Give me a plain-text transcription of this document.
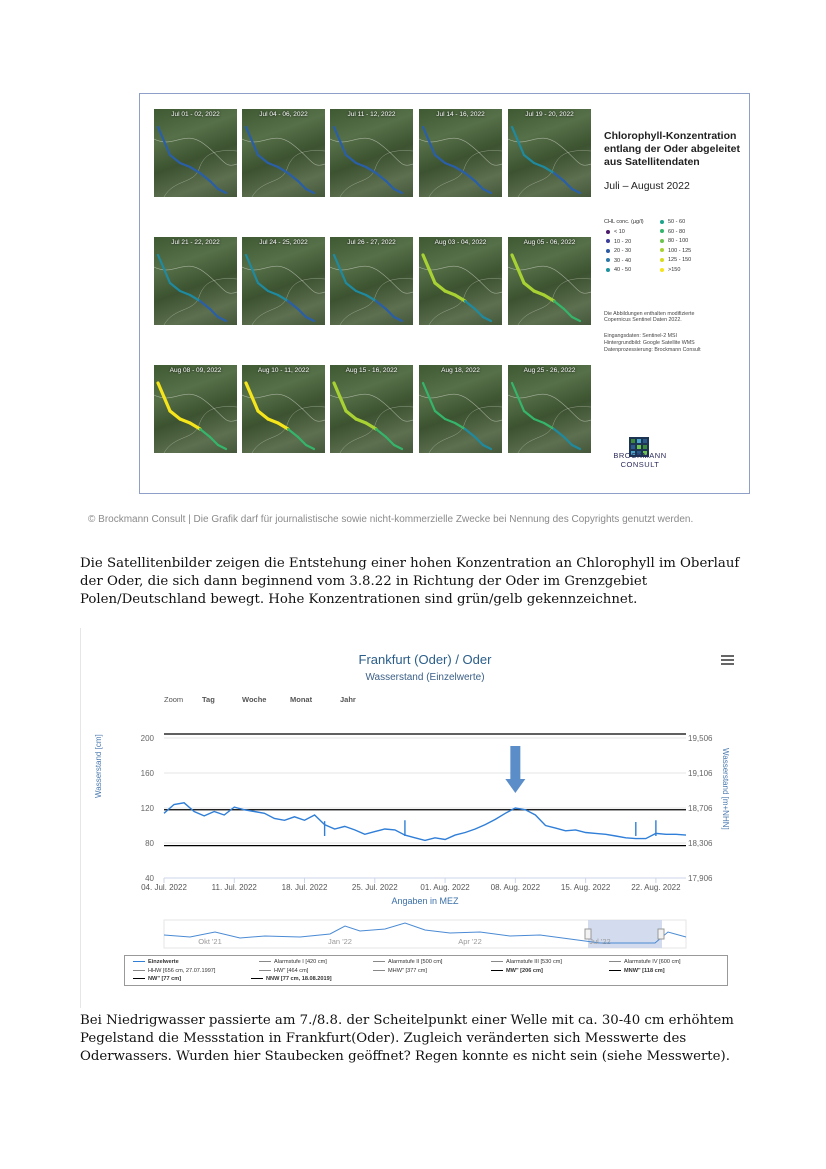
Jul 01 - 02, 2022	Jul 04 - 06, 2022	Jul 11 - 12, 2022	Jul 14 - 16, 2022	Jul 19 - 20, 2022
Jul 21 - 22, 2022	Jul 24 - 25, 2022	Jul 26 - 27, 2022	Aug 03 - 04, 2022	Aug 05 - 06, 2022
Aug 08 - 09, 2022	Aug 10 - 11, 2022	Aug 15 - 16, 2022	Aug 18, 2022	Aug 25 - 26, 2022
Chlorophyll-Konzentration entlang der Oder abgeleitet aus Satellitendaten
Juli – August 2022
CHL conc. (µg/l)
< 10
10 - 20
20 - 30
30 - 40
40 - 50
50 - 60
60 - 80
80 - 100
100 - 125
125 - 150
>150
Die Abbildungen enthalten modifizierte
Copernicus Sentinel Daten 2022.
Eingangsdaten: Sentinel-2 MSI
Hintergrundbild: Google Satellite WMS
Datenprozessierung: Brockmann Consult
BROCKMANN CONSULT
© Brockmann Consult | Die Grafik darf für journalistische sowie nicht-kommerzielle Zwecke bei Nennung des Copyrights genutzt werden.
Die Satellitenbilder zeigen die Entstehung einer hohen Konzentration an Chlorophyll im Oberlauf der Oder, die sich dann beginnend vom 3.8.22 in Richtung der Oder im Grenzgebiet Polen/Deutschland bewegt. Hohe Konzentrationen sind grün/gelb gekennzeichnet.
Frankfurt (Oder) / Oder
Wasserstand (Einzelwerte)
Zoom	Tag	Woche	Monat	Jahr
Wasserstand [cm]	Wasserstand [m+NHN]
40	17,906
80	18,306
120	18,706
160	19,106
200	19,506
04. Jul. 2022	11. Jul. 2022	18. Jul. 2022	25. Jul. 2022	01. Aug. 2022	08. Aug. 2022	15. Aug. 2022	22. Aug. 2022
Okt '21	Jan '22	Apr '22	Jul '22
Angaben in MEZ
Einzelwerte	Alarmstufe I [420 cm]	Alarmstufe II [500 cm]	Alarmstufe III [530 cm]	Alarmstufe IV [600 cm]
HHW [656 cm, 27.07.1997]	HW" [464 cm]	MHW" [377 cm]	MW" [206 cm]	MNW" [118 cm]
NW" [77 cm]	NNW [77 cm, 18.08.2019]
Bei Niedrigwasser passierte am 7./8.8. der Scheitelpunkt einer Welle mit ca. 30-40 cm erhöhtem Pegelstand die Messstation in Frankfurt(Oder). Zugleich veränderten sich Messwerte des Oderwassers. Wurden hier Staubecken geöffnet? Regen konnte es nicht sein (siehe Messwerte).
